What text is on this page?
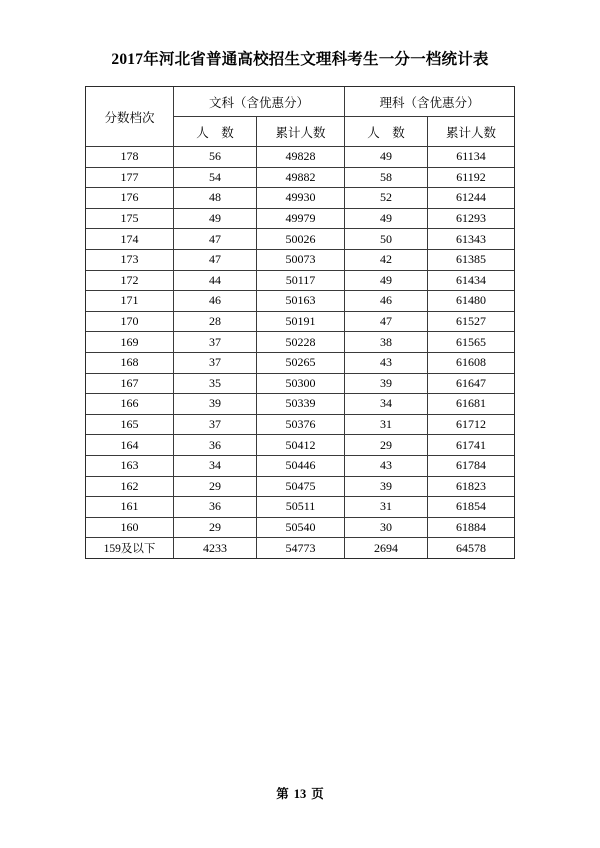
2017年河北省普通高校招生文理科考生一分一档统计表
分数档次	文科（含优惠分）		理科（含优惠分）	
	人　数	累计人数	人　数	累计人数
178	56	49828	49	61134
177	54	49882	58	61192
176	48	49930	52	61244
175	49	49979	49	61293
174	47	50026	50	61343
173	47	50073	42	61385
172	44	50117	49	61434
171	46	50163	46	61480
170	28	50191	47	61527
169	37	50228	38	61565
168	37	50265	43	61608
167	35	50300	39	61647
166	39	50339	34	61681
165	37	50376	31	61712
164	36	50412	29	61741
163	34	50446	43	61784
162	29	50475	39	61823
161	36	50511	31	61854
160	29	50540	30	61884
159及以下	4233	54773	2694	64578
第 13 页
